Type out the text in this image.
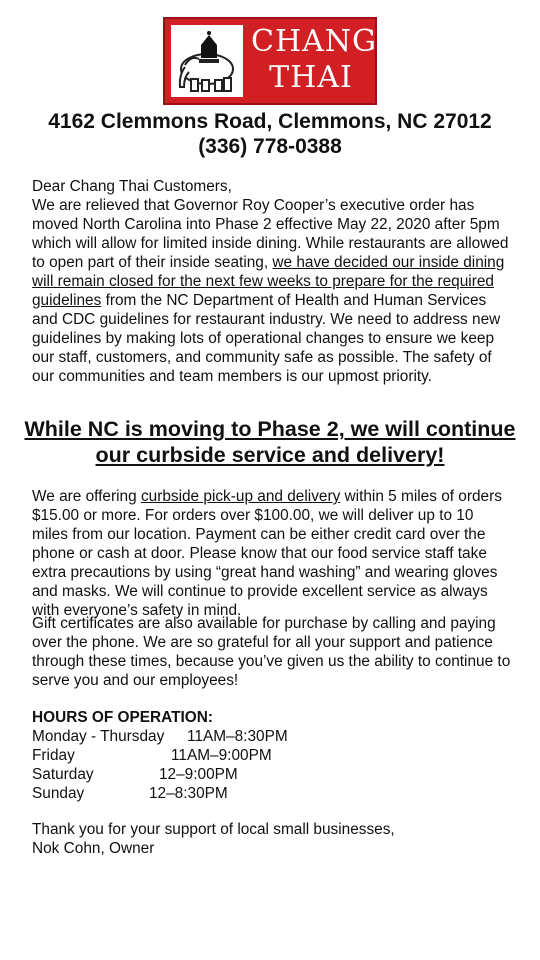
CHANG
THAI
4162 Clemmons Road, Clemmons, NC 27012
(336) 778-0388
Dear Chang Thai Customers,
We are relieved that Governor Roy Cooper’s executive order has moved North Carolina into Phase 2 effective May 22, 2020 after 5pm which will allow for limited inside dining. While restaurants are allowed to open part of their inside seating, we have decided our inside dining will remain closed for the next few weeks to prepare for the required guidelines from the NC Department of Health and Human Services and CDC guidelines for restaurant industry. We need to address new guidelines by making lots of operational changes to ensure we keep our staff, customers, and community safe as possible. The safety of our communities and team members is our upmost priority.
While NC is moving to Phase 2, we will continue our curbside service and delivery!
We are offering curbside pick-up and delivery within 5 miles of orders $15.00 or more. For orders over $100.00, we will deliver up to 10 miles from our location. Payment can be either credit card over the phone or cash at door. Please know that our food service staff take extra precautions by using “great hand washing” and wearing gloves and masks. We will continue to provide excellent service as always with everyone’s safety in mind.
Gift certificates are also available for purchase by calling and paying over the phone. We are so grateful for all your support and patience through these times, because you’ve given us the ability to continue to serve you and our employees!
HOURS OF OPERATION:
Monday - Thursday 11AM–8:30PM
Friday	11AM–9:00PM
Saturday	12–9:00PM
Sunday	12–8:30PM
Thank you for your support of local small businesses,
Nok Cohn, Owner
